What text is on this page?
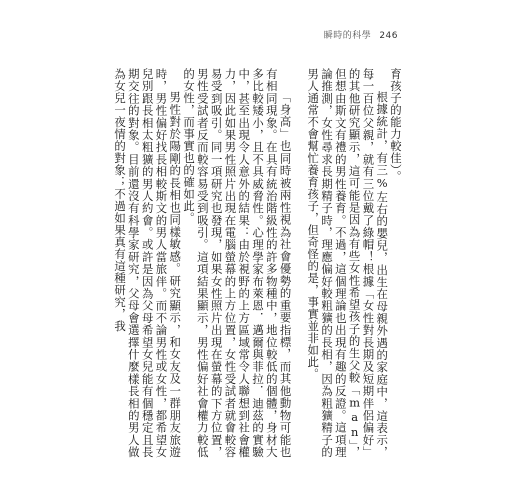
瞬時的科學 246

育孩子的能力較佳）。

根據統計，有三%左右的嬰兒，出生在母親外遇的家庭中，這表示，每一百位父親，就有三位戴了綠帽！根據「女性對長期及短期伴侶偏好」的其他研究顯示，這可能是因為有些女性希望孩子的生父較「man」，但想由斯文有禮的男性養育。不過，這個理論也出現有趣的反證。這項理論推測，女性尋求長期精子時，理應偏好較粗獷的長相，因為粗獷精子的男人通常不會幫忙養育孩子，但奇怪的是，事實並非如此。

「身高」也同時被兩性視為社會優勢的重要指標，而其他動物可能也有相同現象。在具有統治階級性的許多物種中，地位較低的個體，身材大多比較矮小，且不具威脅性。心理學家布萊恩．邁爾與菲拉．迪茲的實驗中，甚至出現令人意外的結果：由於視野的上方區域常令人聯想到社會權力，因此如果男性照片出現在電腦螢幕的上方位置，女性受試者就會較容易受到吸引。同一項研究也發現，如果女性照片出現在螢幕的下方位置，男性受試者反而較容易受到吸引。這項結果顯示，男性偏好社會權力較低的女性，而事實也的確如此。

男性對於陽剛的長相也同樣敏感。研究顯示，和女友及一群朋友旅遊時，男性偏好找長相較斯文的男人當旅伴。而不論男性或女性，都希望女兒別跟長相太粗獷的男人約會。或許是因為父母希望女兒能有個穩定且長期交往的對象。目前還沒有科學家研究，父母會選擇什麼樣長相的男人做為女兒一夜情的對象；不過如果真有這種研究，我
